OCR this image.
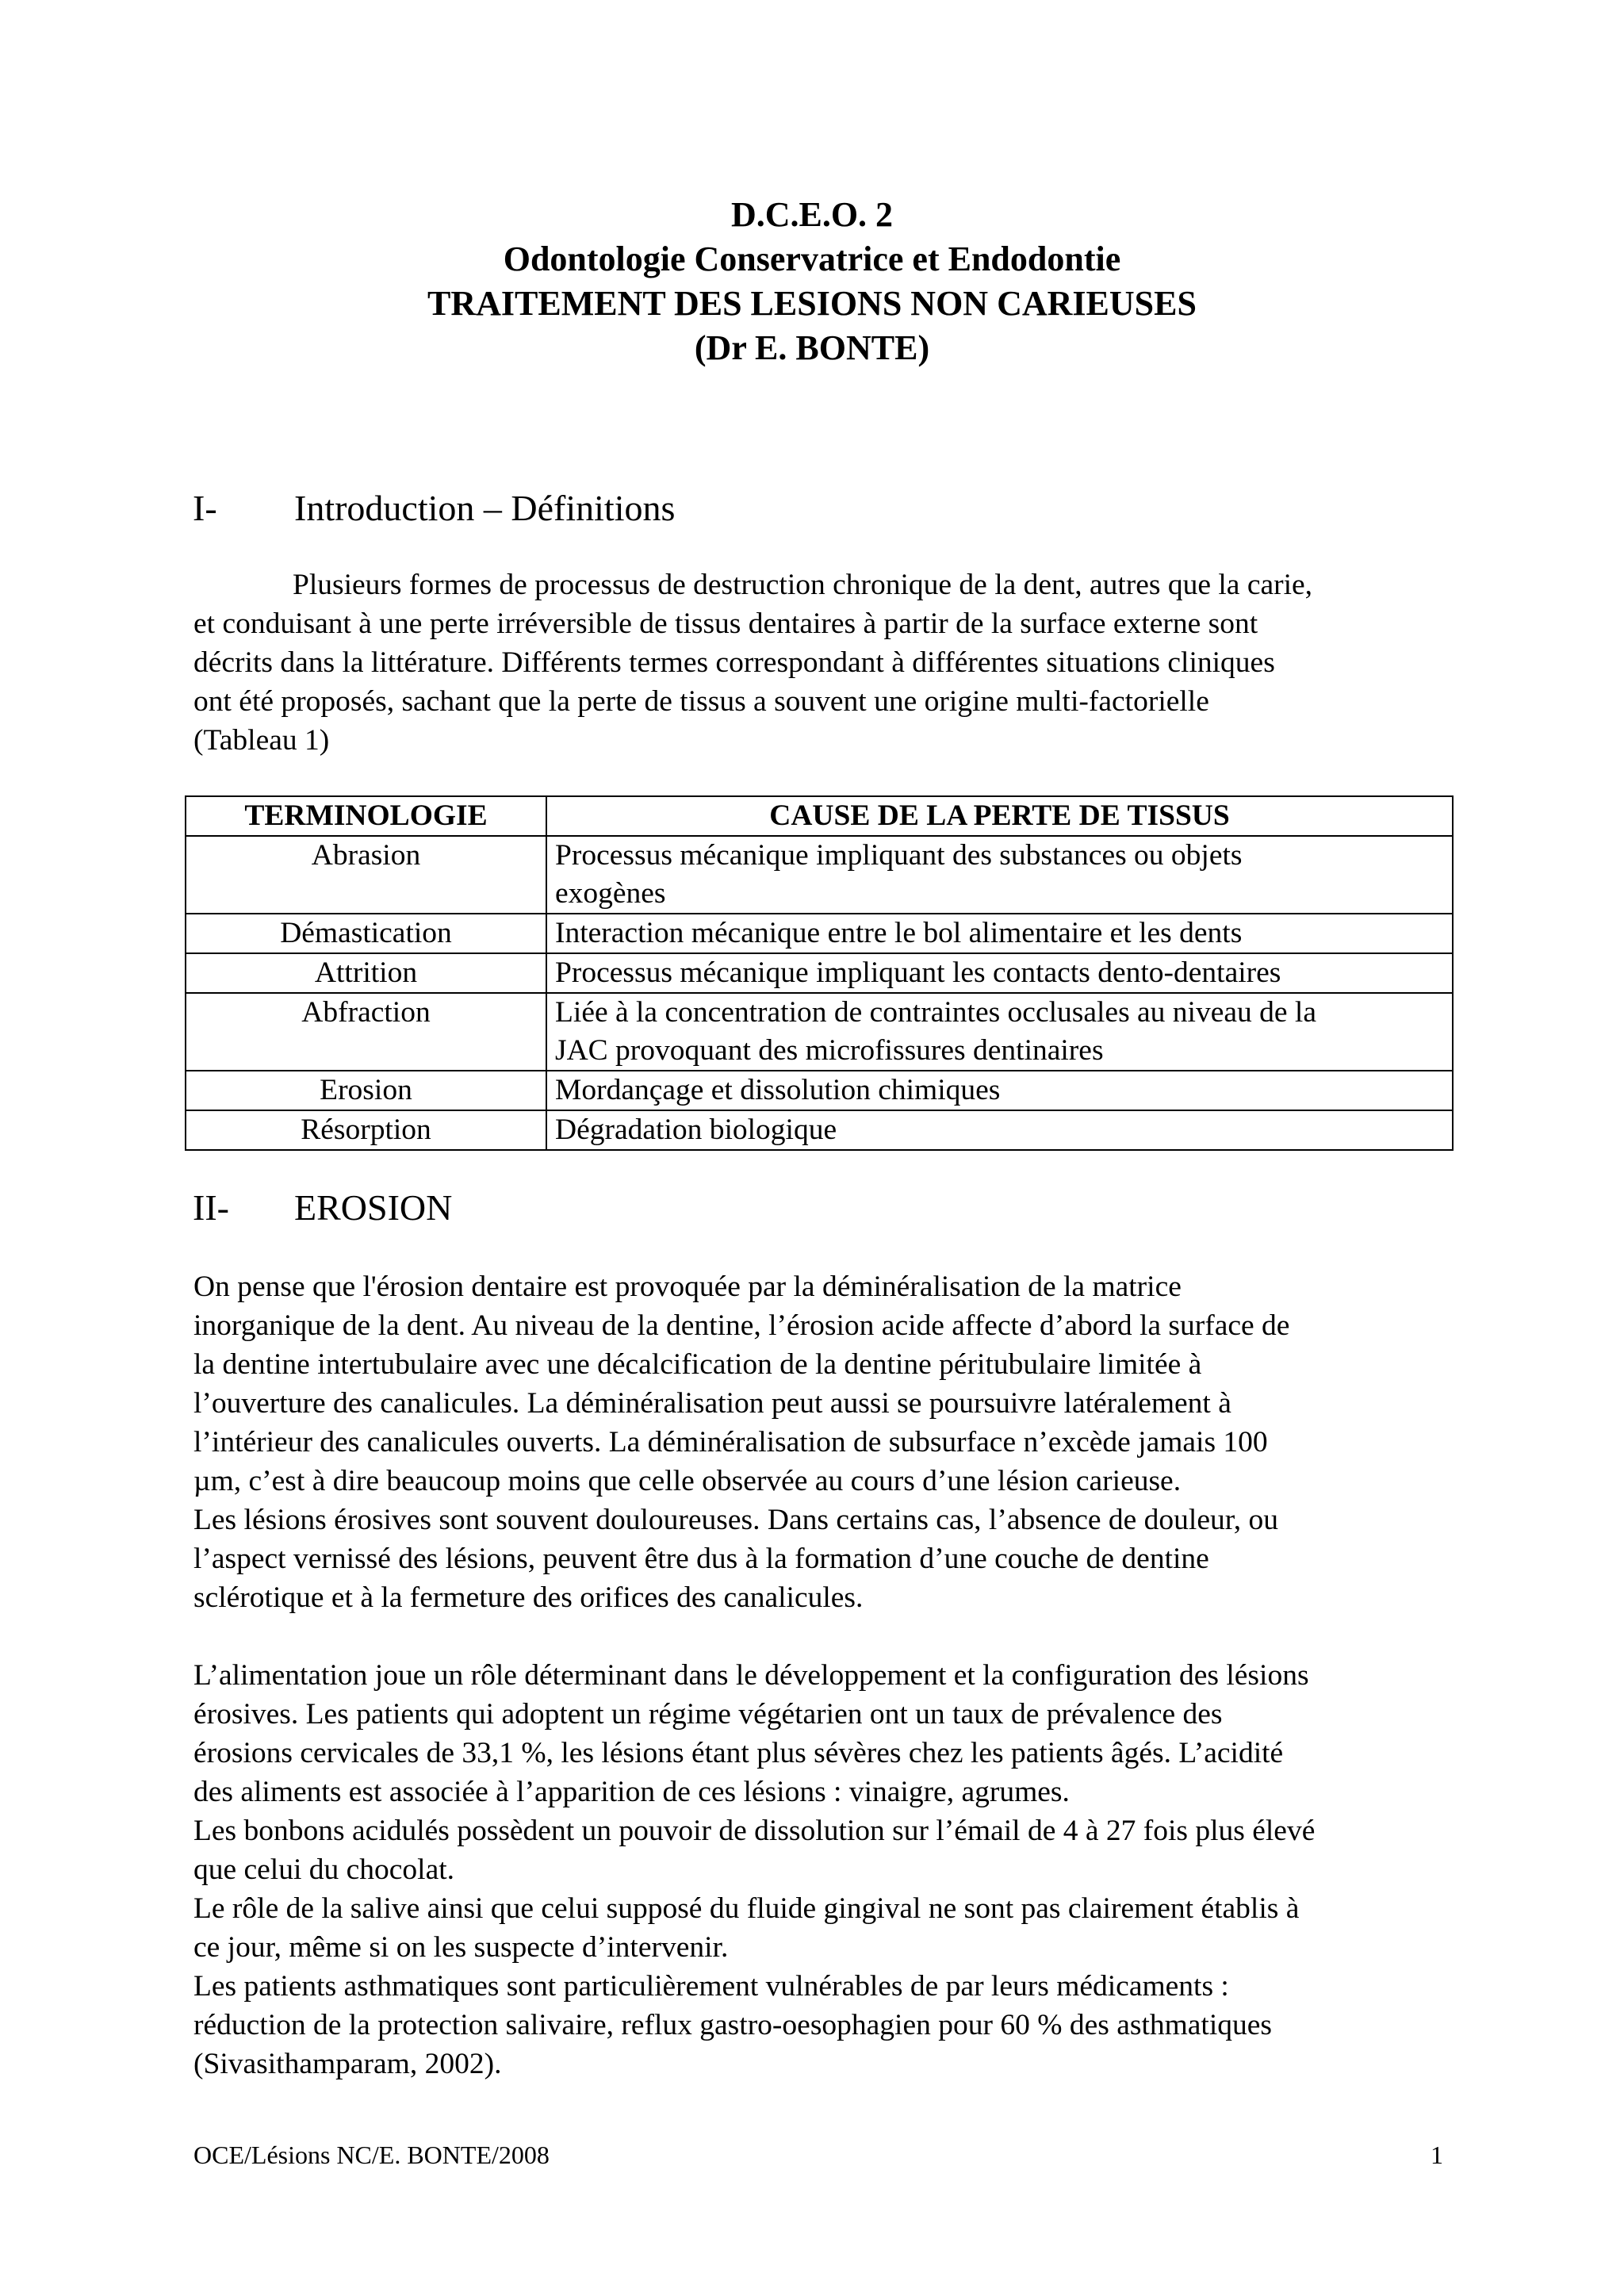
D.C.E.O. 2
Odontologie Conservatrice et Endodontie
TRAITEMENT DES LESIONS NON CARIEUSES
(Dr E. BONTE)
I- Introduction – Définitions
Plusieurs formes de processus de destruction chronique de la dent, autres que la carie,
et conduisant à une perte irréversible de tissus dentaires à partir de la surface externe sont
décrits dans la littérature. Différents termes correspondant à différentes situations cliniques
ont été proposés, sachant que la perte de tissus a souvent une origine multi-factorielle
(Tableau 1)
TERMINOLOGIE	CAUSE DE LA PERTE DE TISSUS
Abrasion	Processus mécanique impliquant des substances ou objets
exogènes

Démastication	Interaction mécanique entre le bol alimentaire et les dents

Attrition	Processus mécanique impliquant les contacts dento-dentaires

Abfraction	Liée à la concentration de contraintes occlusales au niveau de la
JAC provoquant des microfissures dentinaires

Erosion	Mordançage et dissolution chimiques

Résorption	Dégradation biologique
II- EROSION
On pense que l'érosion dentaire est provoquée par la déminéralisation de la matrice
inorganique de la dent. Au niveau de la dentine, l’érosion acide affecte d’abord la surface de
la dentine intertubulaire avec une décalcification de la dentine péritubulaire limitée à
l’ouverture des canalicules. La déminéralisation peut aussi se poursuivre latéralement à
l’intérieur des canalicules ouverts. La déminéralisation de subsurface n’excède jamais 100
µm, c’est à dire beaucoup moins que celle observée au cours d’une lésion carieuse.
Les lésions érosives sont souvent douloureuses. Dans certains cas, l’absence de douleur, ou
l’aspect vernissé des lésions, peuvent être dus à la formation d’une couche de dentine
sclérotique et à la fermeture des orifices des canalicules.
L’alimentation joue un rôle déterminant dans le développement et la configuration des lésions
érosives. Les patients qui adoptent un régime végétarien ont un taux de prévalence des
érosions cervicales de 33,1 %, les lésions étant plus sévères chez les patients âgés. L’acidité
des aliments est associée à l’apparition de ces lésions : vinaigre, agrumes.
Les bonbons acidulés possèdent un pouvoir de dissolution sur l’émail de 4 à 27 fois plus élevé
que celui du chocolat.
Le rôle de la salive ainsi que celui supposé du fluide gingival ne sont pas clairement établis à
ce jour, même si on les suspecte d’intervenir.
Les patients asthmatiques sont particulièrement vulnérables de par leurs médicaments :
réduction de la protection salivaire, reflux gastro-oesophagien pour 60 % des asthmatiques
(Sivasithamparam, 2002).
OCE/Lésions NC/E. BONTE/2008	1
